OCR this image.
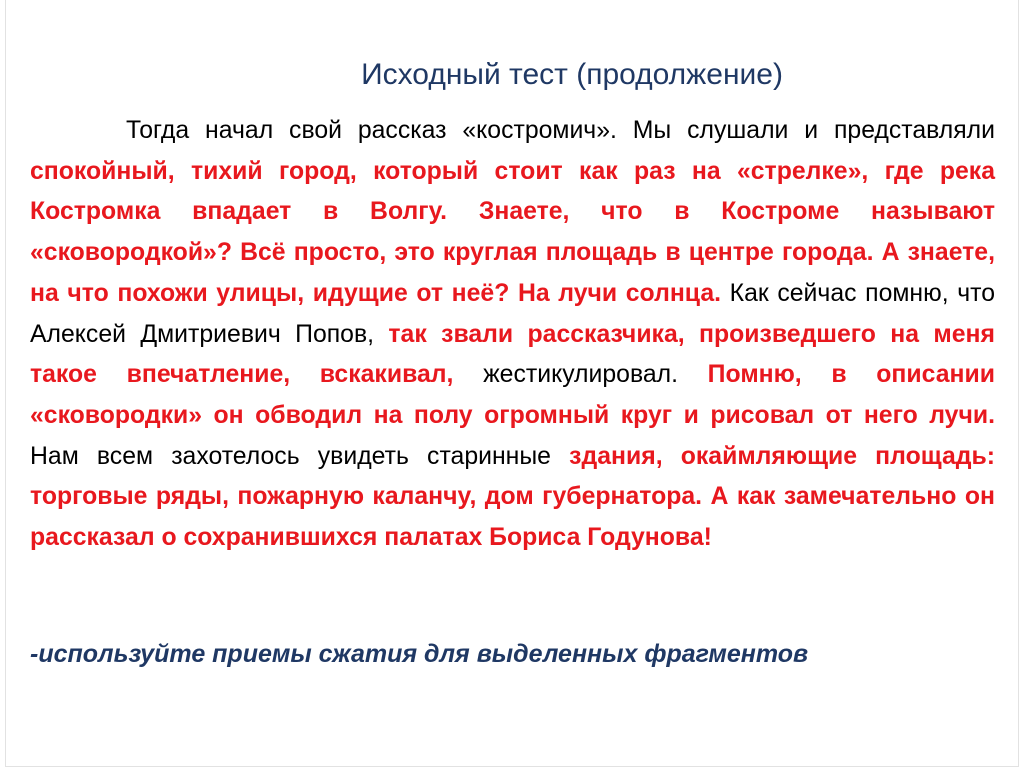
Исходный тест (продолжение)

Тогда начал свой рассказ «костромич». Мы слушали и представляли спокойный, тихий город, который стоит как раз на «стрелке», где река Костромка впадает в Волгу. Знаете, что в Костроме называют «сковородкой»? Всё просто, это круглая площадь в центре города. А знаете, на что похожи улицы, идущие от неё? На лучи солнца. Как сейчас помню, что Алексей Дмитриевич Попов, так звали рассказчика, произведшего на меня такое впечатление, вскакивал, жестикулировал. Помню, в описании «сковородки» он обводил на полу огромный круг и рисовал от него лучи. Нам всем захотелось увидеть старинные здания, окаймляющие площадь: торговые ряды, пожарную каланчу, дом губернатора. А как замечательно он рассказал о сохранившихся палатах Бориса Годунова!

-используйте приемы сжатия для выделенных фрагментов
